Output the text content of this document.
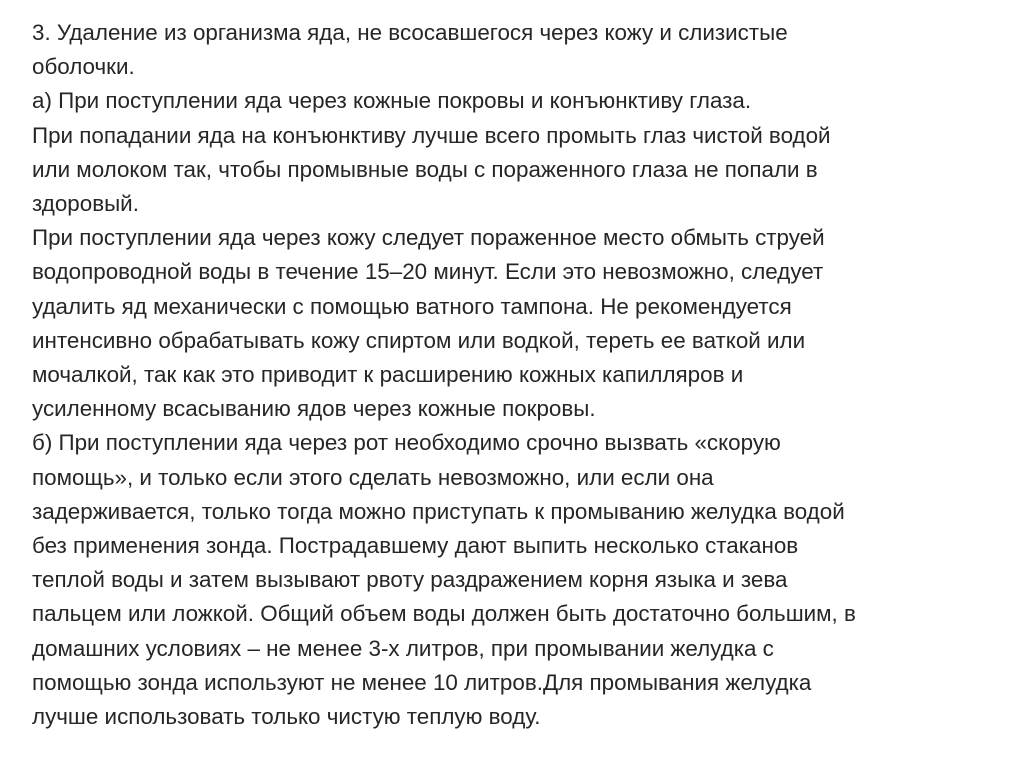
3. Удаление из организма яда, не всосавшегося через кожу и слизистые
оболочки.
а) При поступлении яда через кожные покровы и конъюнктиву глаза.
При попадании яда на конъюнктиву лучше всего промыть глаз чистой водой
или молоком так, чтобы промывные воды с пораженного глаза не попали в
здоровый.
При поступлении яда через кожу следует пораженное место обмыть струей
водопроводной воды в течение 15–20 минут. Если это невозможно, следует
удалить яд механически с помощью ватного тампона. Не рекомендуется
интенсивно обрабатывать кожу спиртом или водкой, тереть ее ваткой или
мочалкой, так как это приводит к расширению кожных капилляров и
усиленному всасыванию ядов через кожные покровы.
б) При поступлении яда через рот необходимо срочно вызвать «скорую
помощь», и только если этого сделать невозможно, или если она
задерживается, только тогда можно приступать к промыванию желудка водой
без применения зонда. Пострадавшему дают выпить несколько стаканов
теплой воды и затем вызывают рвоту раздражением корня языка и зева
пальцем или ложкой. Общий объем воды должен быть достаточно большим, в
домашних условиях – не менее 3-х литров, при промывании желудка с
помощью зонда используют не менее 10 литров.Для промывания желудка
лучше использовать только чистую теплую воду.
